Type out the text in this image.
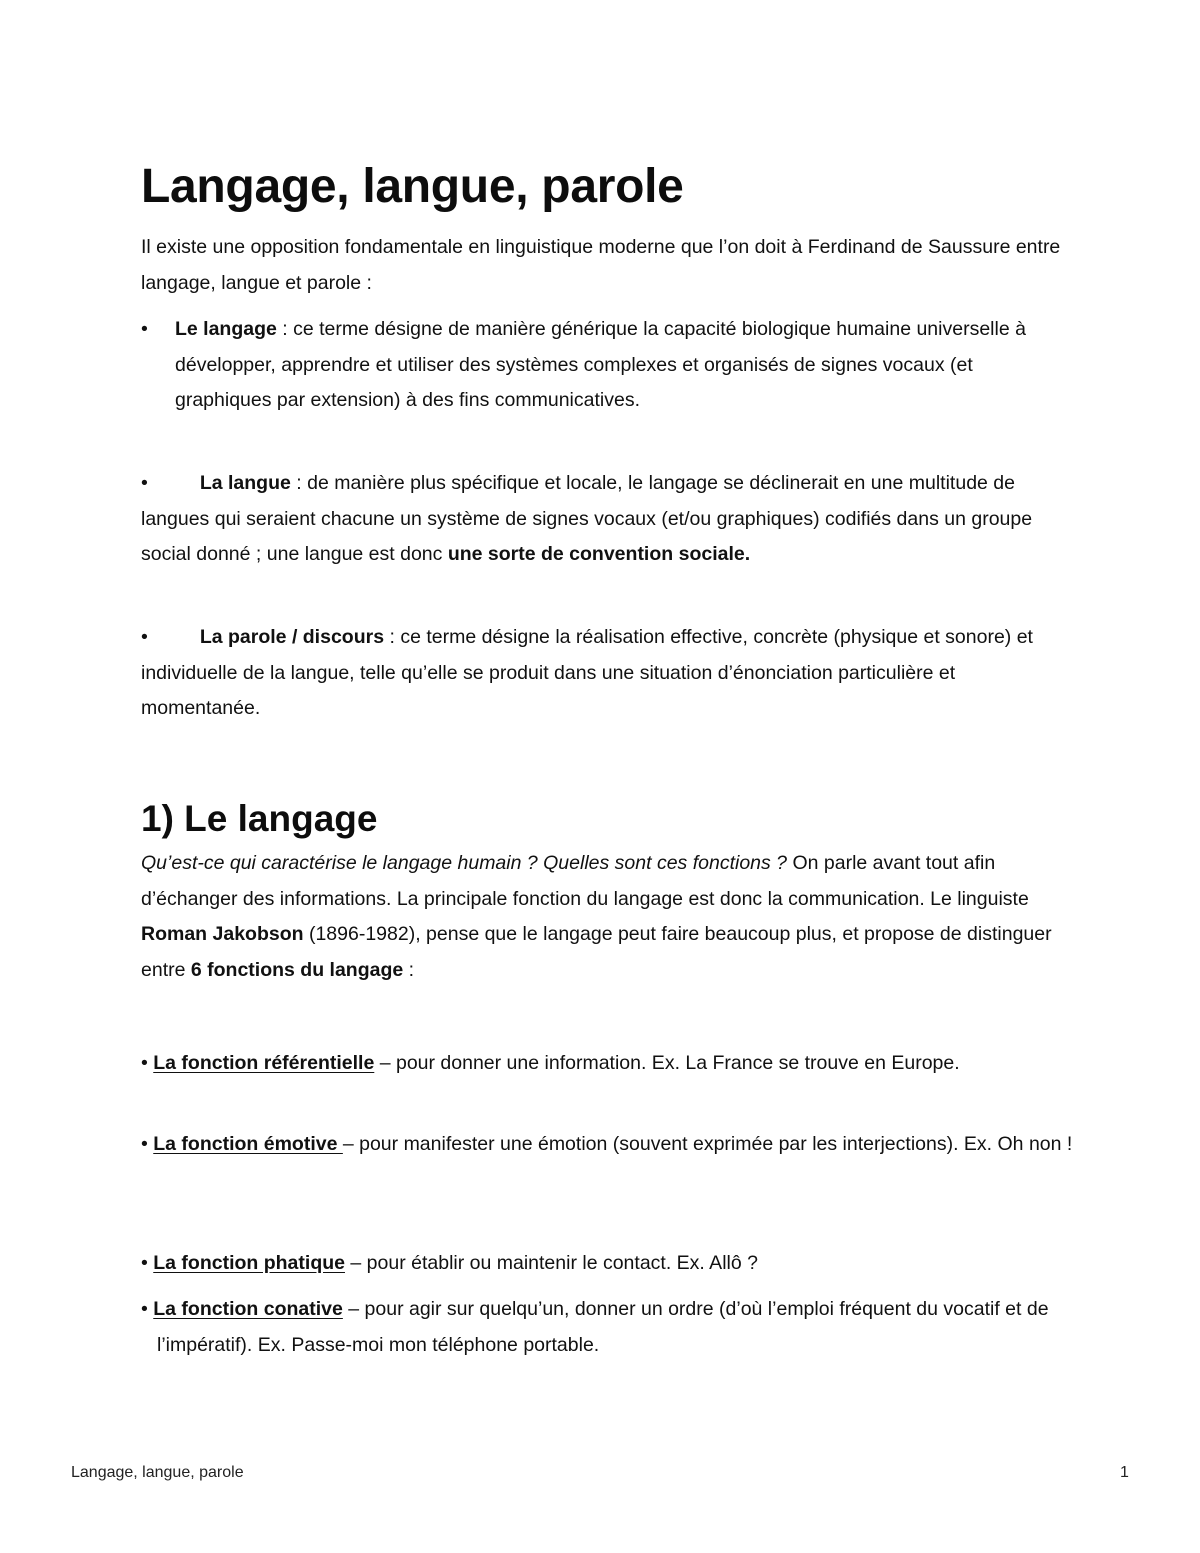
Langage, langue, parole

Il existe une opposition fondamentale en linguistique moderne que l’on doit à Ferdinand de Saussure entre langage, langue et parole :

• Le langage : ce terme désigne de manière générique la capacité biologique humaine universelle à développer, apprendre et utiliser des systèmes complexes et organisés de signes vocaux (et graphiques par extension) à des fins communicatives.

•	La langue : de manière plus spécifique et locale, le langage se déclinerait en une multitude de langues qui seraient chacune un système de signes vocaux (et/ou graphiques) codifiés dans un groupe social donné ; une langue est donc une sorte de convention sociale.

•	La parole / discours : ce terme désigne la réalisation effective, concrète (physique et sonore) et individuelle de la langue, telle qu’elle se produit dans une situation d’énonciation particulière et momentanée.

1) Le langage

Qu’est-ce qui caractérise le langage humain ? Quelles sont ces fonctions ? On parle avant tout afin d’échanger des informations. La principale fonction du langage est donc la communication. Le linguiste Roman Jakobson (1896-1982), pense que le langage peut faire beaucoup plus, et propose de distinguer entre 6 fonctions du langage :

• La fonction référentielle – pour donner une information. Ex. La France se trouve en Europe.

• La fonction émotive – pour manifester une émotion (souvent exprimée par les interjections). Ex. Oh non !

• La fonction phatique – pour établir ou maintenir le contact. Ex. Allô ?

• La fonction conative – pour agir sur quelqu’un, donner un ordre (d’où l’emploi fréquent du vocatif et de l’impératif). Ex. Passe-moi mon téléphone portable.

Langage, langue, parole	1
